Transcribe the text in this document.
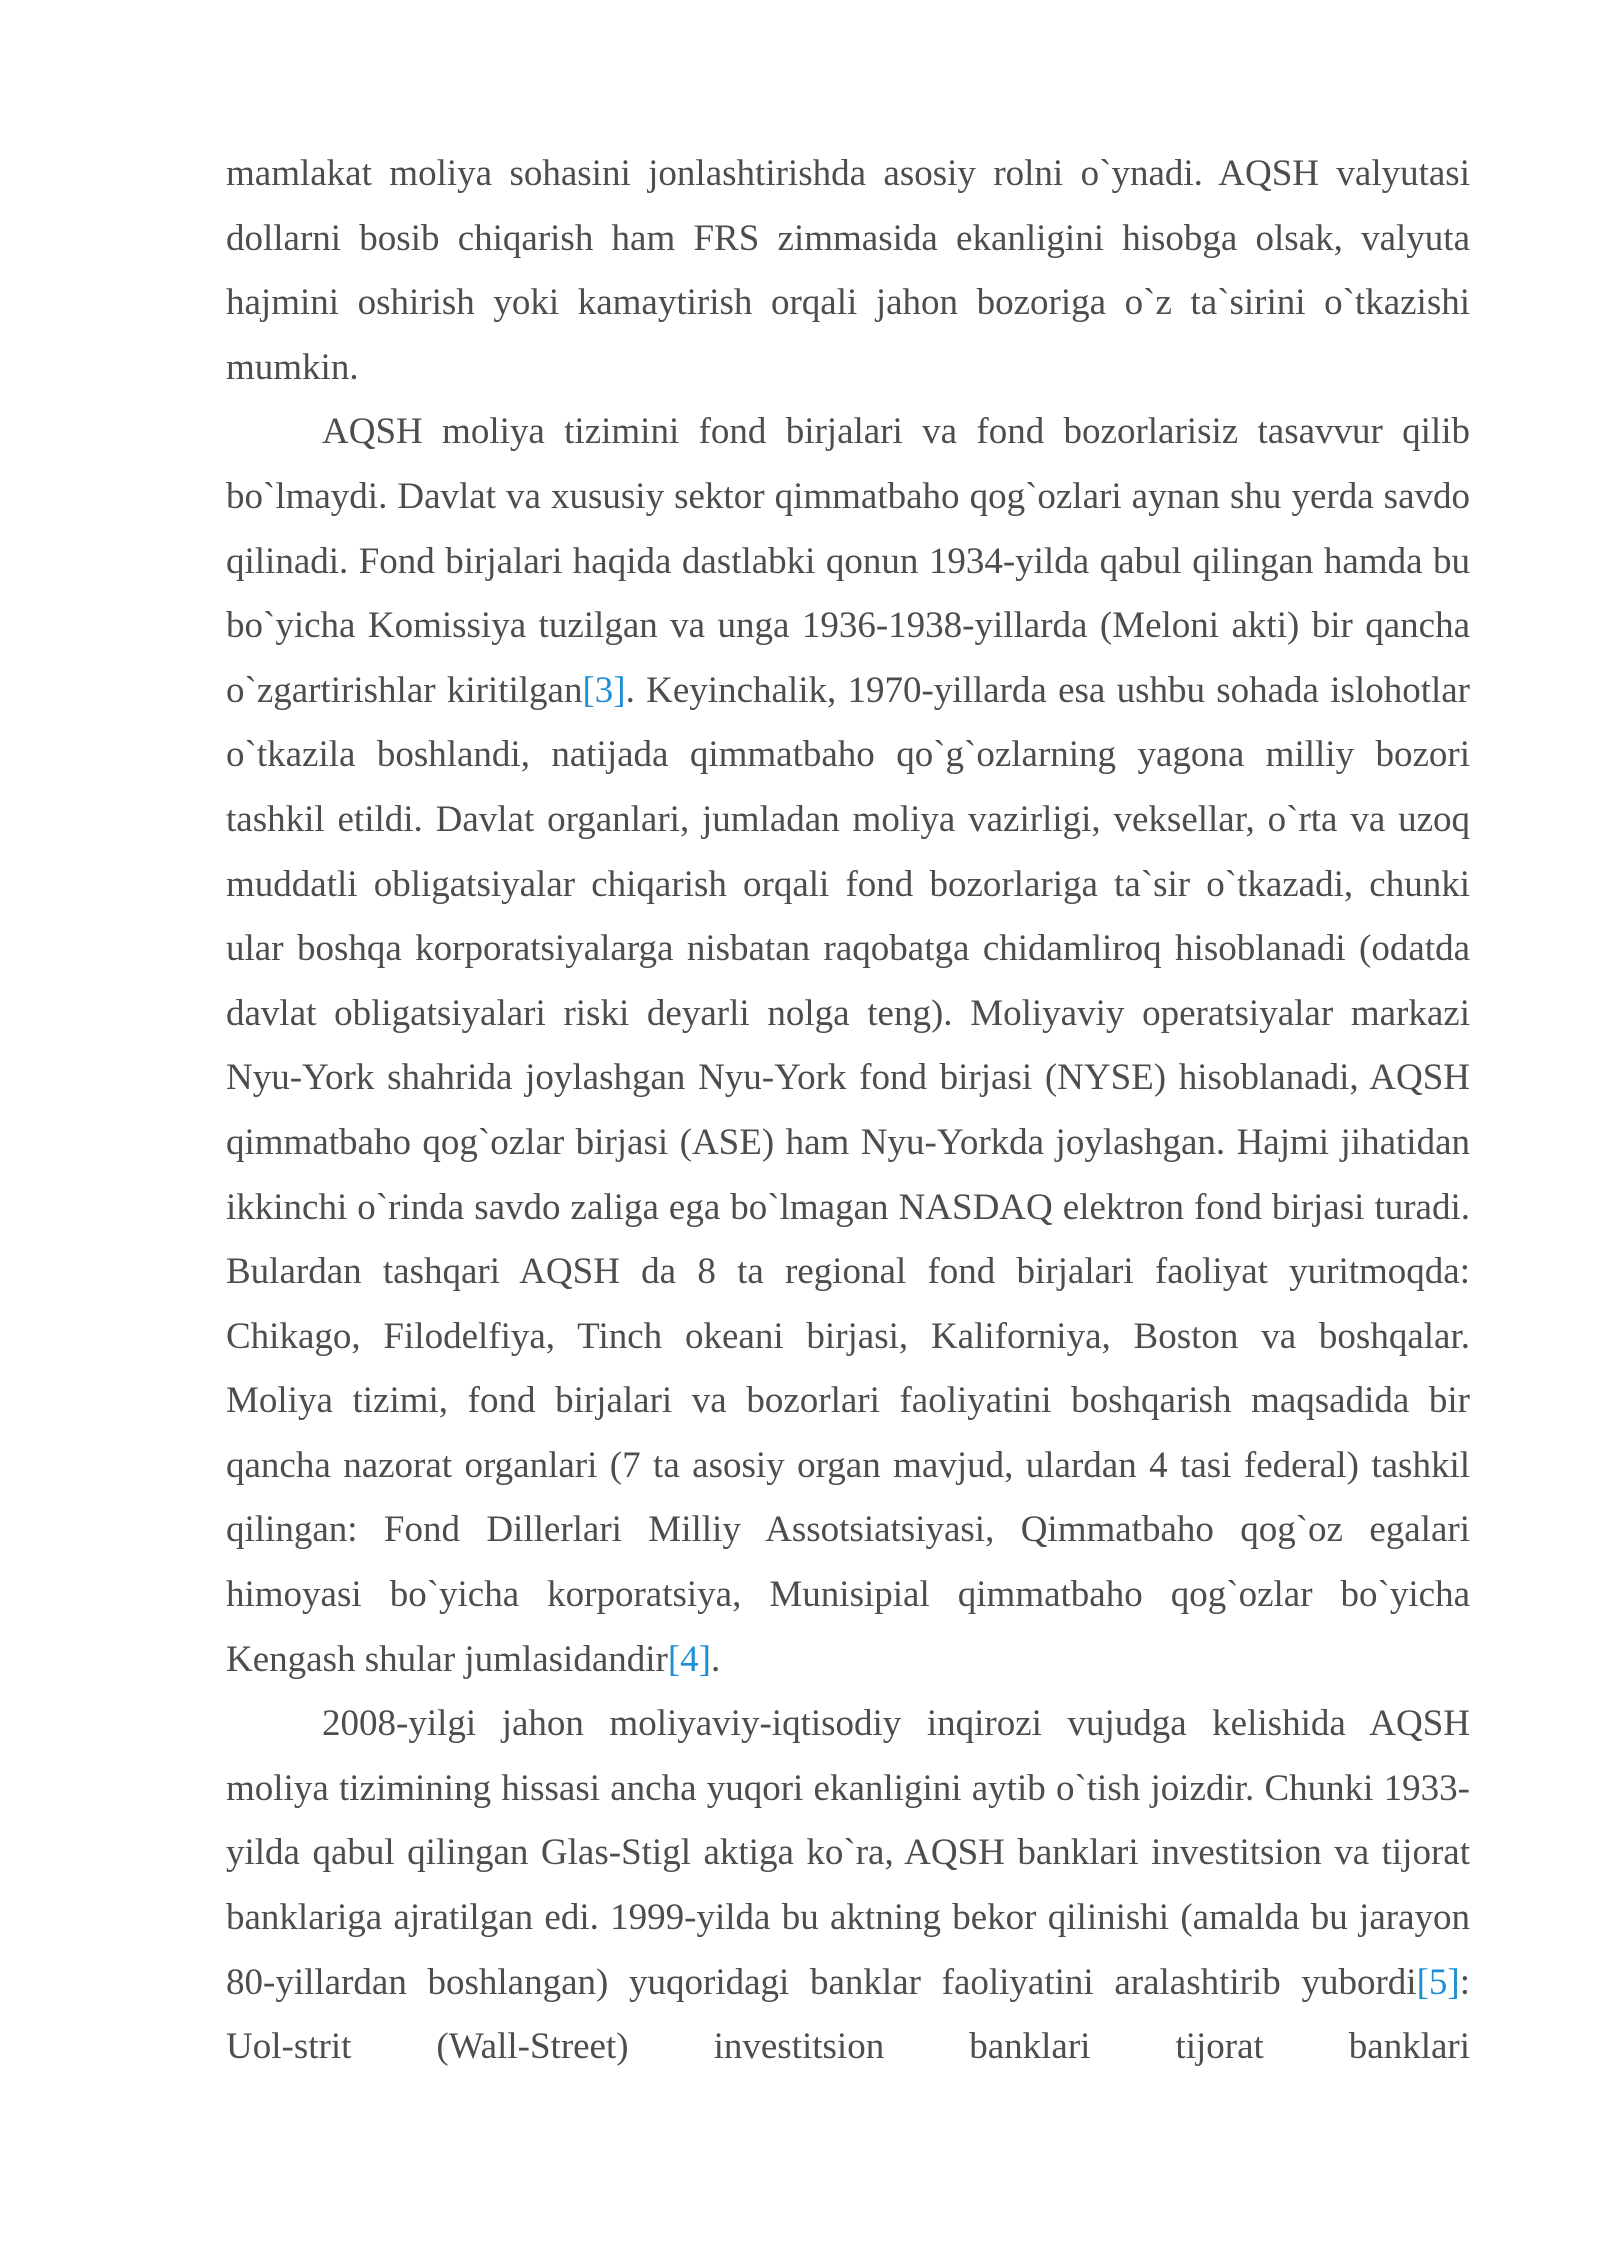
mamlakat moliya sohasini jonlashtirishda asosiy rolni o`ynadi. AQSH valyutasi dollarni bosib chiqarish ham FRS zimmasida ekanligini hisobga olsak, valyuta hajmini oshirish yoki kamaytirish orqali jahon bozoriga o`z ta`sirini o`tkazishi mumkin.

AQSH moliya tizimini fond birjalari va fond bozorlarisiz tasavvur qilib bo`lmaydi. Davlat va xususiy sektor qimmatbaho qog`ozlari aynan shu yerda savdo qilinadi. Fond birjalari haqida dastlabki qonun 1934-yilda qabul qilingan hamda bu bo`yicha Komissiya tuzilgan va unga 1936-1938-yillarda (Meloni akti) bir qancha o`zgartirishlar kiritilgan[3]. Keyinchalik, 1970-yillarda esa ushbu sohada islohotlar o`tkazila boshlandi, natijada qimmatbaho qo`g`ozlarning yagona milliy bozori tashkil etildi. Davlat organlari, jumladan moliya vazirligi, veksellar, o`rta va uzoq muddatli obligatsiyalar chiqarish orqali fond bozorlariga ta`sir o`tkazadi, chunki ular boshqa korporatsiyalarga nisbatan raqobatga chidamliroq hisoblanadi (odatda davlat obligatsiyalari riski deyarli nolga teng). Moliyaviy operatsiyalar markazi Nyu-York shahrida joylashgan Nyu-York fond birjasi (NYSE) hisoblanadi, AQSH qimmatbaho qog`ozlar birjasi (ASE) ham Nyu-Yorkda joylashgan. Hajmi jihatidan ikkinchi o`rinda savdo zaliga ega bo`lmagan NASDAQ elektron fond birjasi turadi. Bulardan tashqari AQSH da 8 ta regional fond birjalari faoliyat yuritmoqda: Chikago, Filodelfiya, Tinch okeani birjasi, Kaliforniya, Boston va boshqalar. Moliya tizimi, fond birjalari va bozorlari faoliyatini boshqarish maqsadida bir qancha nazorat organlari (7 ta asosiy organ mavjud, ulardan 4 tasi federal) tashkil qilingan: Fond Dillerlari Milliy Assotsiatsiyasi, Qimmatbaho qog`oz egalari himoyasi bo`yicha korporatsiya, Munisipial qimmatbaho qog`ozlar bo`yicha Kengash shular jumlasidandir[4].

2008-yilgi jahon moliyaviy-iqtisodiy inqirozi vujudga kelishida AQSH moliya tizimining hissasi ancha yuqori ekanligini aytib o`tish joizdir. Chunki 1933-yilda qabul qilingan Glas-Stigl aktiga ko`ra, AQSH banklari investitsion va tijorat banklariga ajratilgan edi. 1999-yilda bu aktning bekor qilinishi (amalda bu jarayon 80-yillardan boshlangan) yuqoridagi banklar faoliyatini aralashtirib yubordi[5]: Uol-strit (Wall-Street) investitsion banklari tijorat banklari
